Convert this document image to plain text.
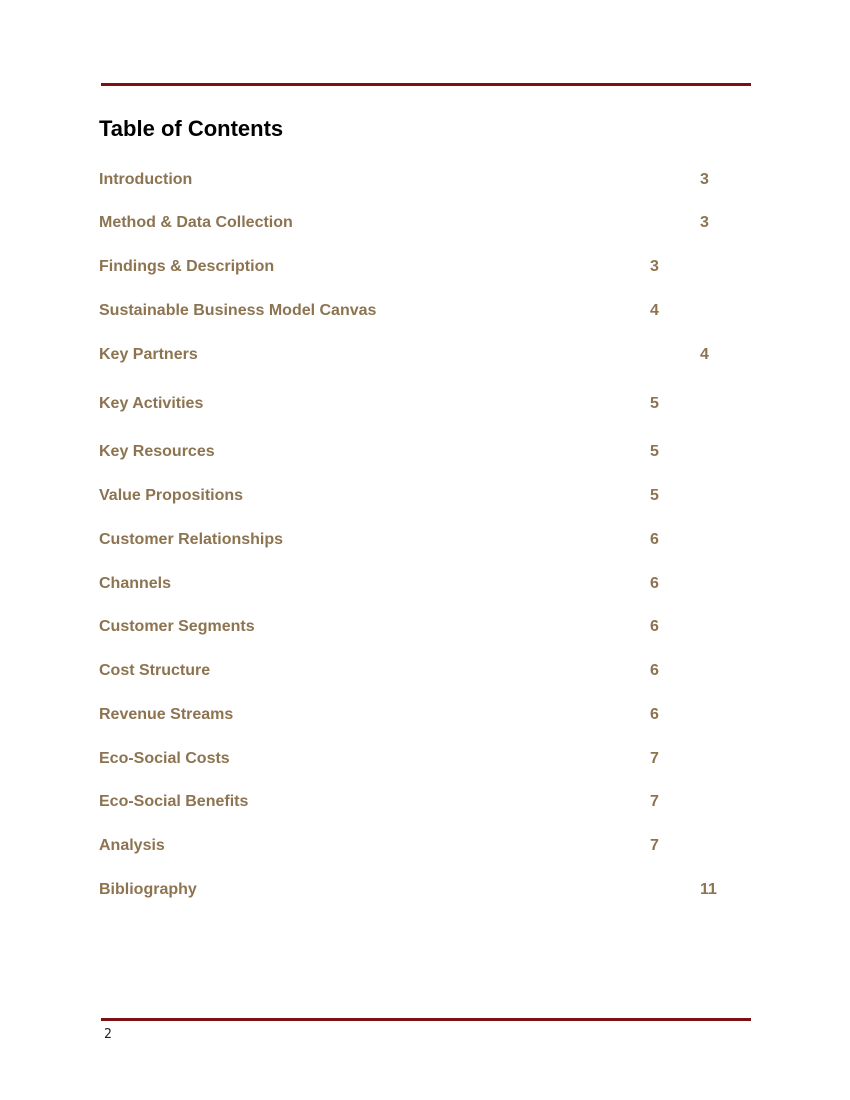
Table of Contents
Introduction	3
Method & Data Collection	3
Findings & Description	3
Sustainable Business Model Canvas	4
Key Partners	4
Key Activities	5
Key Resources	5
Value Propositions	5
Customer Relationships	6
Channels	6
Customer Segments	6
Cost Structure	6
Revenue Streams	6
Eco-Social Costs	7
Eco-Social Benefits	7
Analysis	7
Bibliography	11
2
